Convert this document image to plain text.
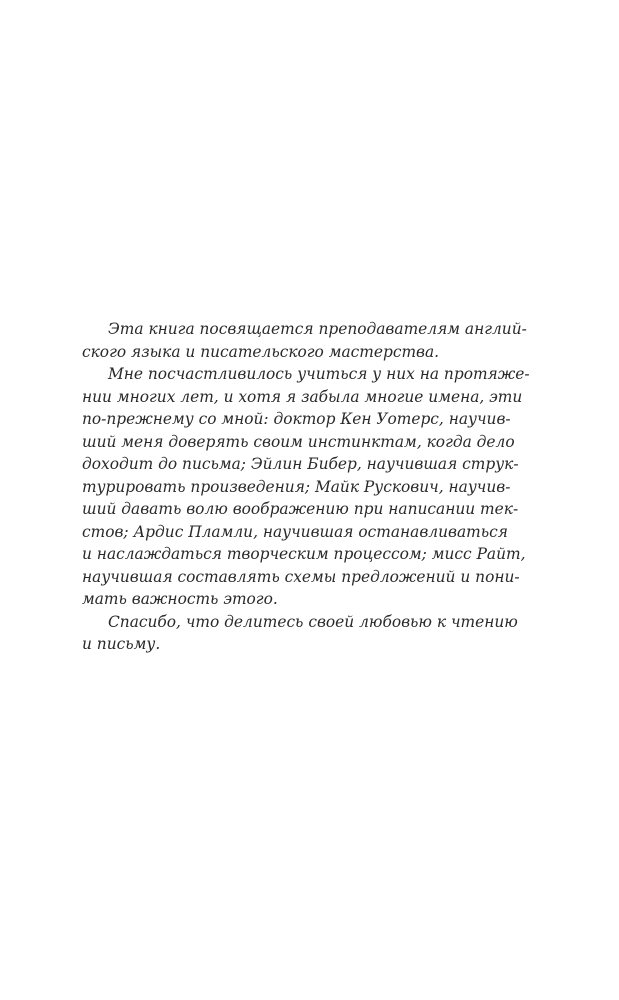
Эта книга посвящается преподавателям англий-
ского языка и писательского мастерства.
Мне посчастливилось учиться у них на протяже-
нии многих лет, и хотя я забыла многие имена, эти
по-прежнему со мной: доктор Кен Уотерс, научив-
ший меня доверять своим инстинктам, когда дело
доходит до письма; Эйлин Бибер, научившая струк-
турировать произведения; Майк Рускович, научив-
ший давать волю воображению при написании тек-
стов; Ардис Пламли, научившая останавливаться
и наслаждаться творческим процессом; мисс Райт,
научившая составлять схемы предложений и пони-
мать важность этого.
Спасибо, что делитесь своей любовью к чтению
и письму.
